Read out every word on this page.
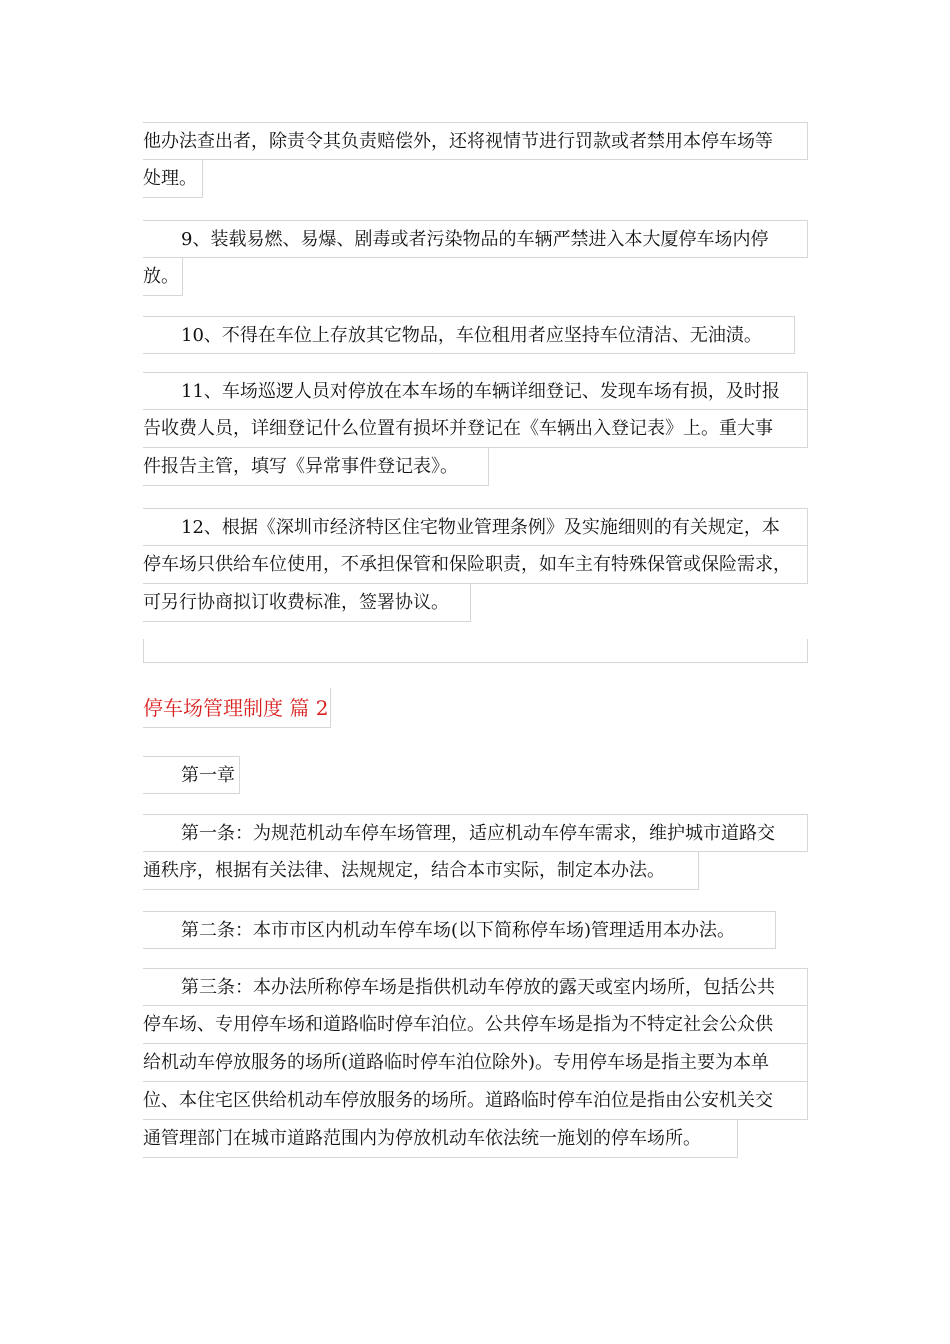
他办法查出者，除责令其负责赔偿外，还将视情节进行罚款或者禁用本停车场等
处理。
9、装载易燃、易爆、剧毒或者污染物品的车辆严禁进入本大厦停车场内停
放。
10、不得在车位上存放其它物品，车位租用者应坚持车位清洁、无油渍。
11、车场巡逻人员对停放在本车场的车辆详细登记、发现车场有损，及时报
告收费人员，详细登记什么位置有损坏并登记在《车辆出入登记表》上。重大事
件报告主管，填写《异常事件登记表》。
12、根据《深圳市经济特区住宅物业管理条例》及实施细则的有关规定，本
停车场只供给车位使用，不承担保管和保险职责，如车主有特殊保管或保险需求，
可另行协商拟订收费标准，签署协议。
停车场管理制度 篇 2
第一章
第一条：为规范机动车停车场管理，适应机动车停车需求，维护城市道路交
通秩序，根据有关法律、法规规定，结合本市实际，制定本办法。
第二条：本市市区内机动车停车场(以下简称停车场)管理适用本办法。
第三条：本办法所称停车场是指供机动车停放的露天或室内场所，包括公共
停车场、专用停车场和道路临时停车泊位。公共停车场是指为不特定社会公众供
给机动车停放服务的场所(道路临时停车泊位除外)。专用停车场是指主要为本单
位、本住宅区供给机动车停放服务的场所。道路临时停车泊位是指由公安机关交
通管理部门在城市道路范围内为停放机动车依法统一施划的停车场所。
